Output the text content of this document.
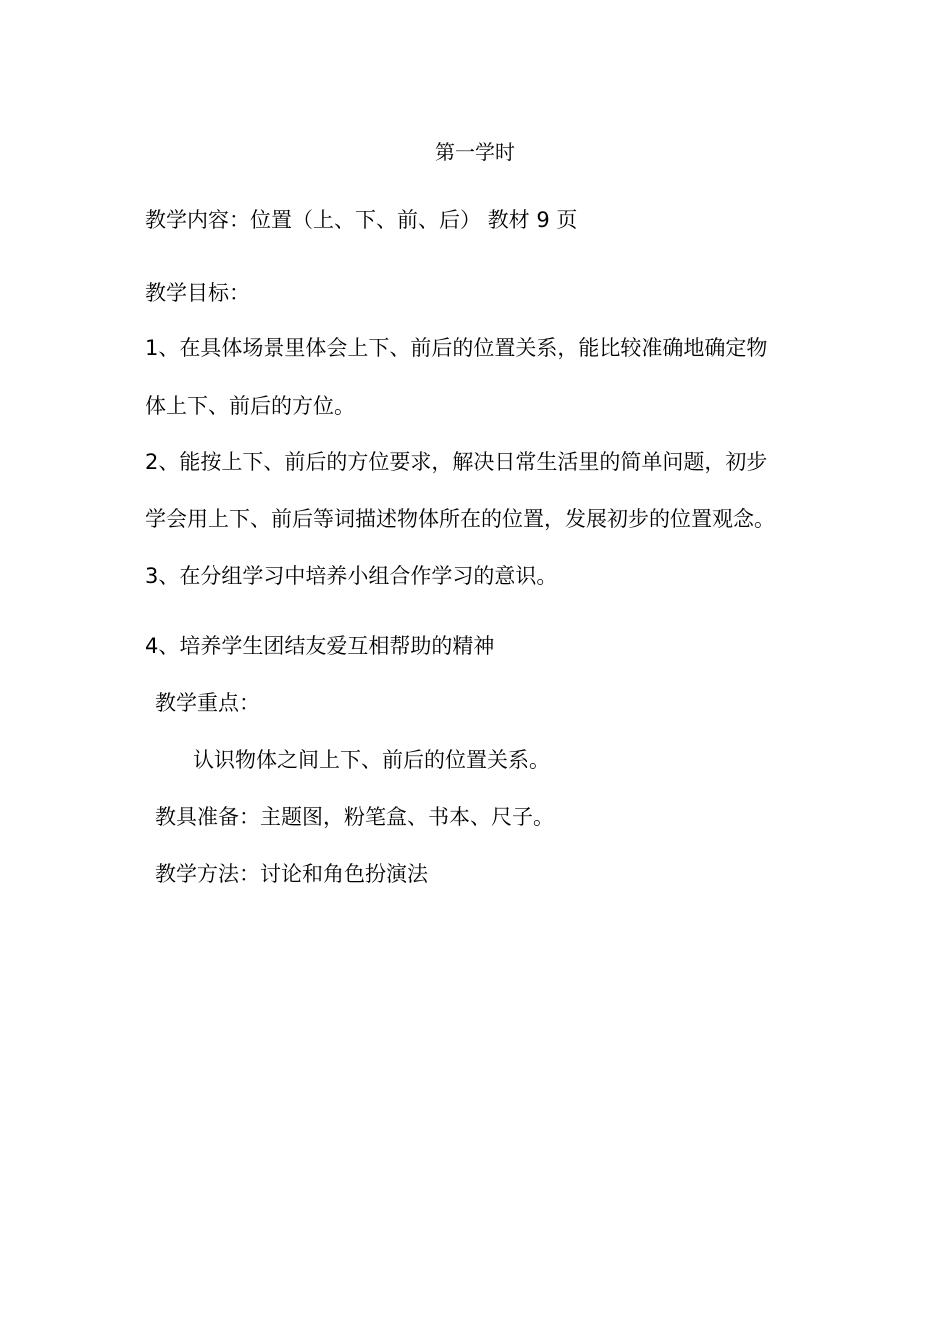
第一学时
教学内容：位置（上、下、前、后） 教材 9 页
教学目标：
1、在具体场景里体会上下、前后的位置关系，能比较准确地确定物
体上下、前后的方位。
2、能按上下、前后的方位要求，解决日常生活里的简单问题，初步
学会用上下、前后等词描述物体所在的位置，发展初步的位置观念。
3、在分组学习中培养小组合作学习的意识。
4、培养学生团结友爱互相帮助的精神
教学重点：
认识物体之间上下、前后的位置关系。
教具准备：主题图，粉笔盒、书本、尺子。
教学方法：讨论和角色扮演法
